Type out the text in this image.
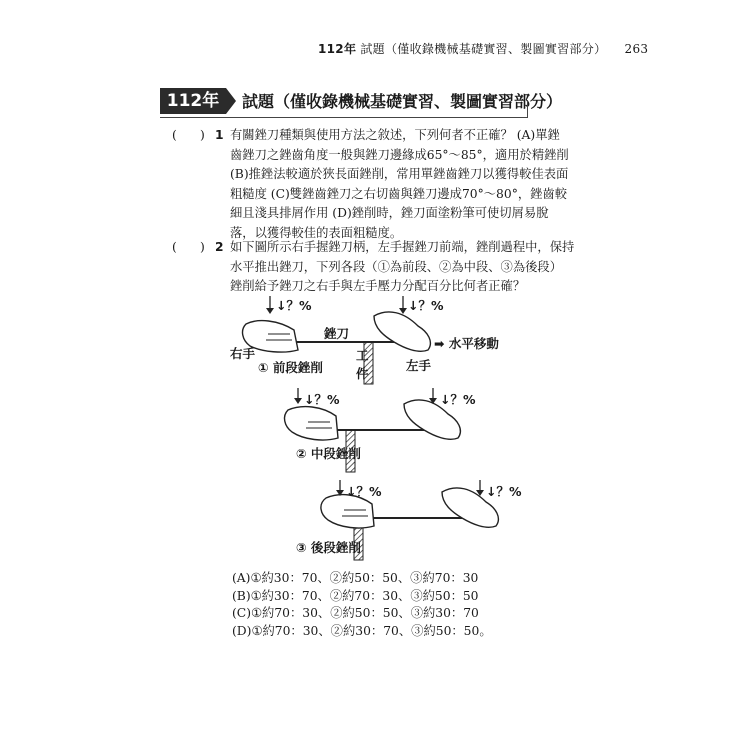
112年 試題（僅收錄機械基礎實習、製圖實習部分） 263
112年	試題（僅收錄機械基礎實習、製圖實習部分）
( ) 1 有關銼刀種類與使用方法之敘述，下列何者不正確？ (A)單銼
齒銼刀之銼齒角度一般與銼刀邊緣成65°～85°，適用於精銼削
(B)推銼法較適於狹長面銼削，常用單銼齒銼刀以獲得較佳表面
粗糙度 (C)雙銼齒銼刀之右切齒與銼刀邊成70°～80°，銼齒較
細且淺具排屑作用 (D)銼削時，銼刀面塗粉筆可使切屑易脫
落，以獲得較佳的表面粗糙度。
( ) 2 如下圖所示右手握銼刀柄，左手握銼刀前端，銼削過程中，保持
水平推出銼刀，下列各段（①為前段、②為中段、③為後段）
銼削給予銼刀之右手與左手壓力分配百分比何者正確？
↓？%	↓？%
銼刀
右手
左手
工
件
➡ 水平移動
① 前段銼削
↓？%	↓？%
② 中段銼削
↓？%	↓？%
③ 後段銼削
(A)①約30：70、②約50：50、③約70：30
(B)①約30：70、②約70：30、③約50：50
(C)①約70：30、②約50：50、③約30：70
(D)①約70：30、②約30：70、③約50：50。
